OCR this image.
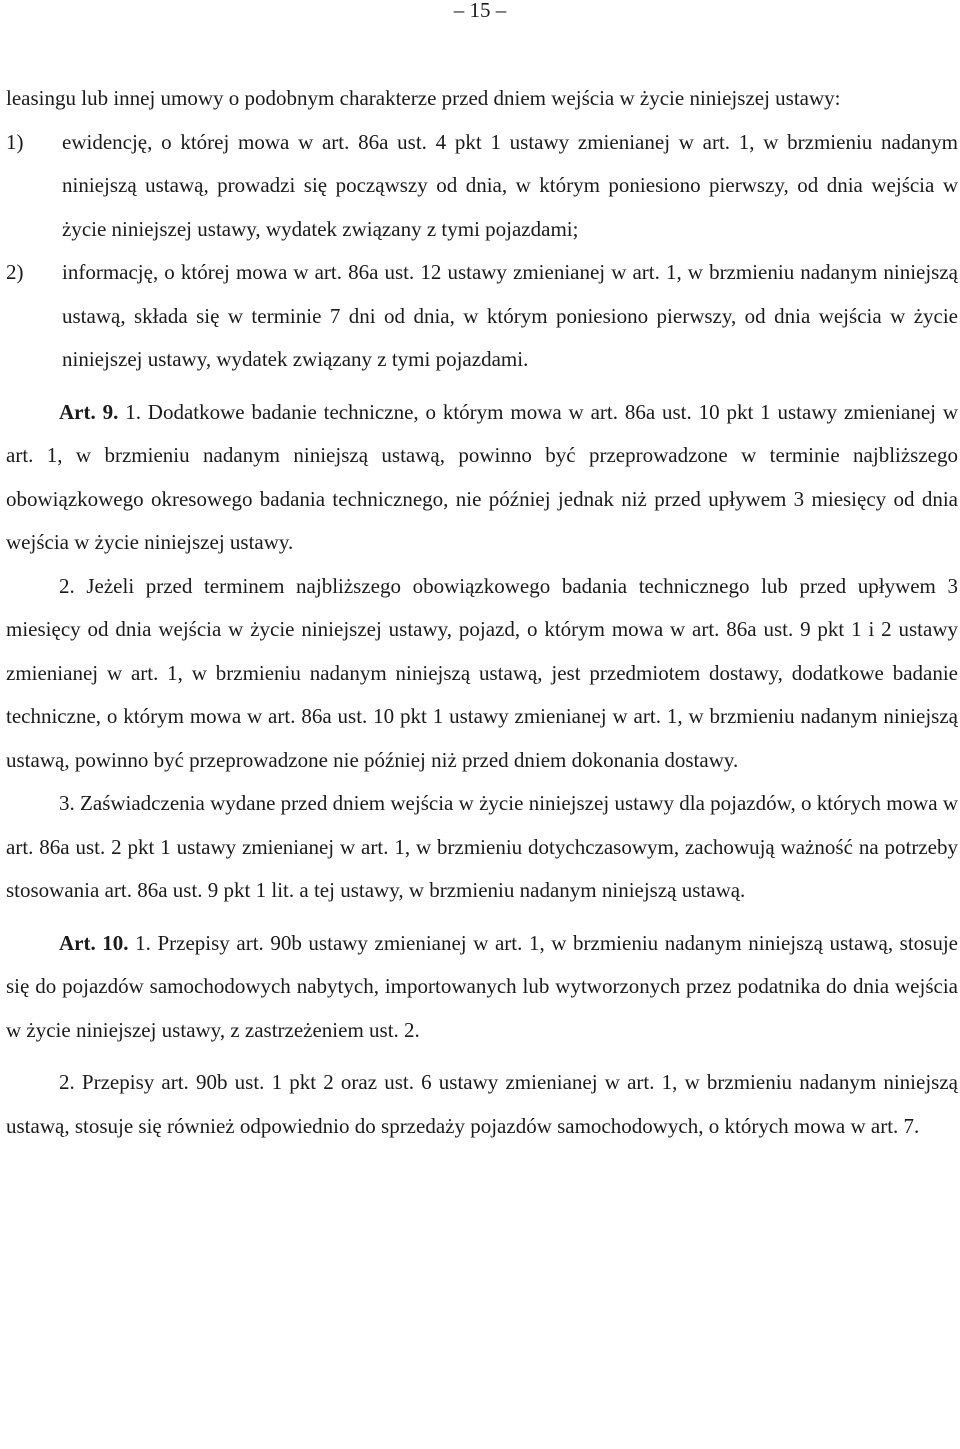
– 15 –

leasingu lub innej umowy o podobnym charakterze przed dniem wejścia w życie niniejszej ustawy:

1) ewidencję, o której mowa w art. 86a ust. 4 pkt 1 ustawy zmienianej w art. 1, w brzmieniu nadanym niniejszą ustawą, prowadzi się począwszy od dnia, w którym poniesiono pierwszy, od dnia wejścia w życie niniejszej ustawy, wydatek związany z tymi pojazdami;

2) informację, o której mowa w art. 86a ust. 12 ustawy zmienianej w art. 1, w brzmieniu nadanym niniejszą ustawą, składa się w terminie 7 dni od dnia, w którym poniesiono pierwszy, od dnia wejścia w życie niniejszej ustawy, wydatek związany z tymi pojazdami.

Art. 9. 1. Dodatkowe badanie techniczne, o którym mowa w art. 86a ust. 10 pkt 1 ustawy zmienianej w art. 1, w brzmieniu nadanym niniejszą ustawą, powinno być przeprowadzone w terminie najbliższego obowiązkowego okresowego badania technicznego, nie później jednak niż przed upływem 3 miesięcy od dnia wejścia w życie niniejszej ustawy.

2. Jeżeli przed terminem najbliższego obowiązkowego badania technicznego lub przed upływem 3 miesięcy od dnia wejścia w życie niniejszej ustawy, pojazd, o którym mowa w art. 86a ust. 9 pkt 1 i 2 ustawy zmienianej w art. 1, w brzmieniu nadanym niniejszą ustawą, jest przedmiotem dostawy, dodatkowe badanie techniczne, o którym mowa w art. 86a ust. 10 pkt 1 ustawy zmienianej w art. 1, w brzmieniu nadanym niniejszą ustawą, powinno być przeprowadzone nie później niż przed dniem dokonania dostawy.

3. Zaświadczenia wydane przed dniem wejścia w życie niniejszej ustawy dla pojazdów, o których mowa w art. 86a ust. 2 pkt 1 ustawy zmienianej w art. 1, w brzmieniu dotychczasowym, zachowują ważność na potrzeby stosowania art. 86a ust. 9 pkt 1 lit. a tej ustawy, w brzmieniu nadanym niniejszą ustawą.

Art. 10. 1. Przepisy art. 90b ustawy zmienianej w art. 1, w brzmieniu nadanym niniejszą ustawą, stosuje się do pojazdów samochodowych nabytych, importowanych lub wytworzonych przez podatnika do dnia wejścia w życie niniejszej ustawy, z zastrzeżeniem ust. 2.

2. Przepisy art. 90b ust. 1 pkt 2 oraz ust. 6 ustawy zmienianej w art. 1, w brzmieniu nadanym niniejszą ustawą, stosuje się również odpowiednio do sprzedaży pojazdów samochodowych, o których mowa w art. 7.
